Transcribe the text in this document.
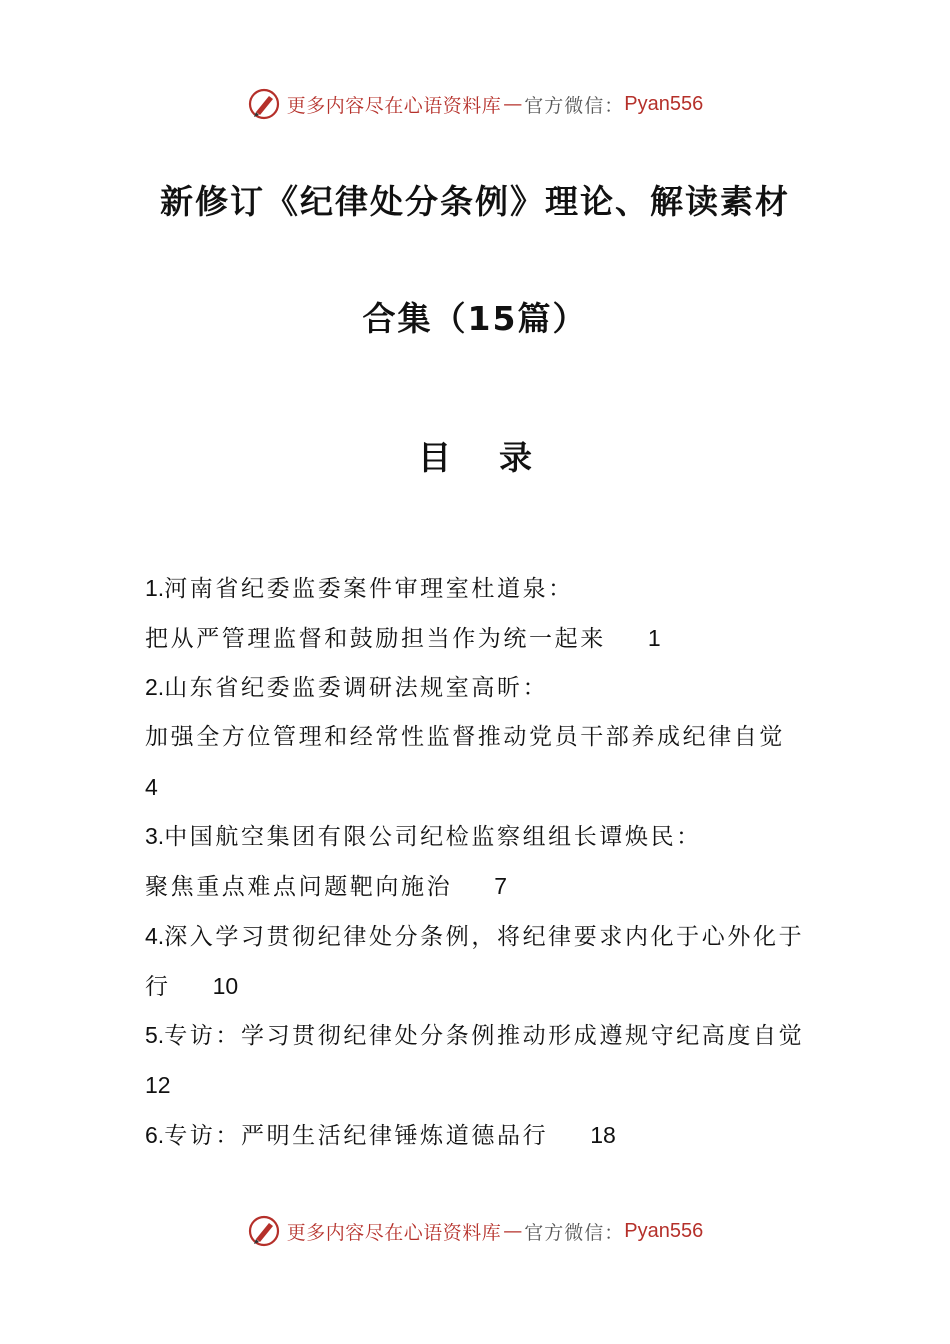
更多内容尽在心语资料库 — 官方微信： Pyan556
新修订《纪律处分条例》理论、解读素材
合集（15篇）
目 录
1.河南省纪委监委案件审理室杜道泉：
把从严管理监督和鼓励担当作为统一起来 1
2.山东省纪委监委调研法规室高昕：
加强全方位管理和经常性监督推动党员干部养成纪律自觉
4
3.中国航空集团有限公司纪检监察组组长谭焕民：
聚焦重点难点问题靶向施治 7
4.深入学习贯彻纪律处分条例，将纪律要求内化于心外化于
行 10
5.专访：学习贯彻纪律处分条例推动形成遵规守纪高度自觉
12
6.专访：严明生活纪律锤炼道德品行 18
更多内容尽在心语资料库 — 官方微信： Pyan556
